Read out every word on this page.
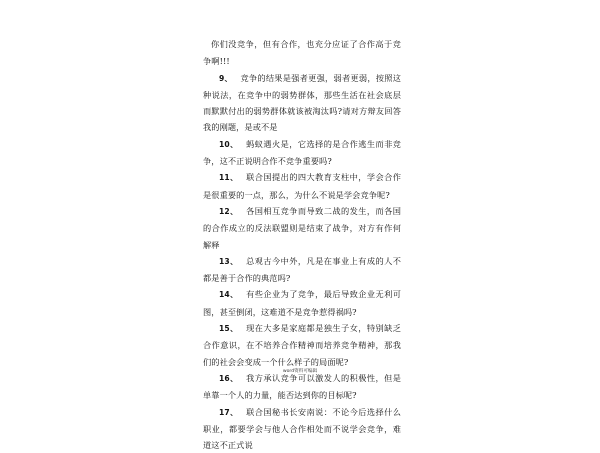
你们没竞争，但有合作，也充分应证了合作高于竞争啊!!!

9、 竞争的结果是强者更强，弱者更弱，按照这种说法，在竞争中的弱势群体，那些生活在社会底层而默默付出的弱势群体就该被淘汰吗?请对方辩友回答我的刚题，是或不是

10、 蚂蚁遇火是，它选择的是合作逃生而非竞争，这不正说明合作不竞争重要吗?

11、 联合国提出的四大教育支柱中，学会合作是很重要的一点，那么，为什么不说是学会竞争呢?

12、 各国相互竞争而导致二战的发生，而各国的合作成立的反法联盟则是结束了战争，对方有作何解释

13、 总观古今中外，凡是在事业上有成的人不都是善于合作的典范吗?

14、 有些企业为了竞争，最后导致企业无利可图，甚至倒闭，这难道不是竞争惹得祸吗?

15、 现在大多是家庭都是独生子女，特别缺乏合作意识，在不培养合作精神而培养竞争精神，那我们的社会会变成一个什么样子的局面呢?

16、 我方承认竞争可以激发人的积极性，但是单靠一个人的力量，能否达到你的目标呢?

17、 联合国秘书长安南说：不论今后选择什么职业，都要学会与他人合作相处而不说学会竞争，难道这不正式说

word资料可编辑
